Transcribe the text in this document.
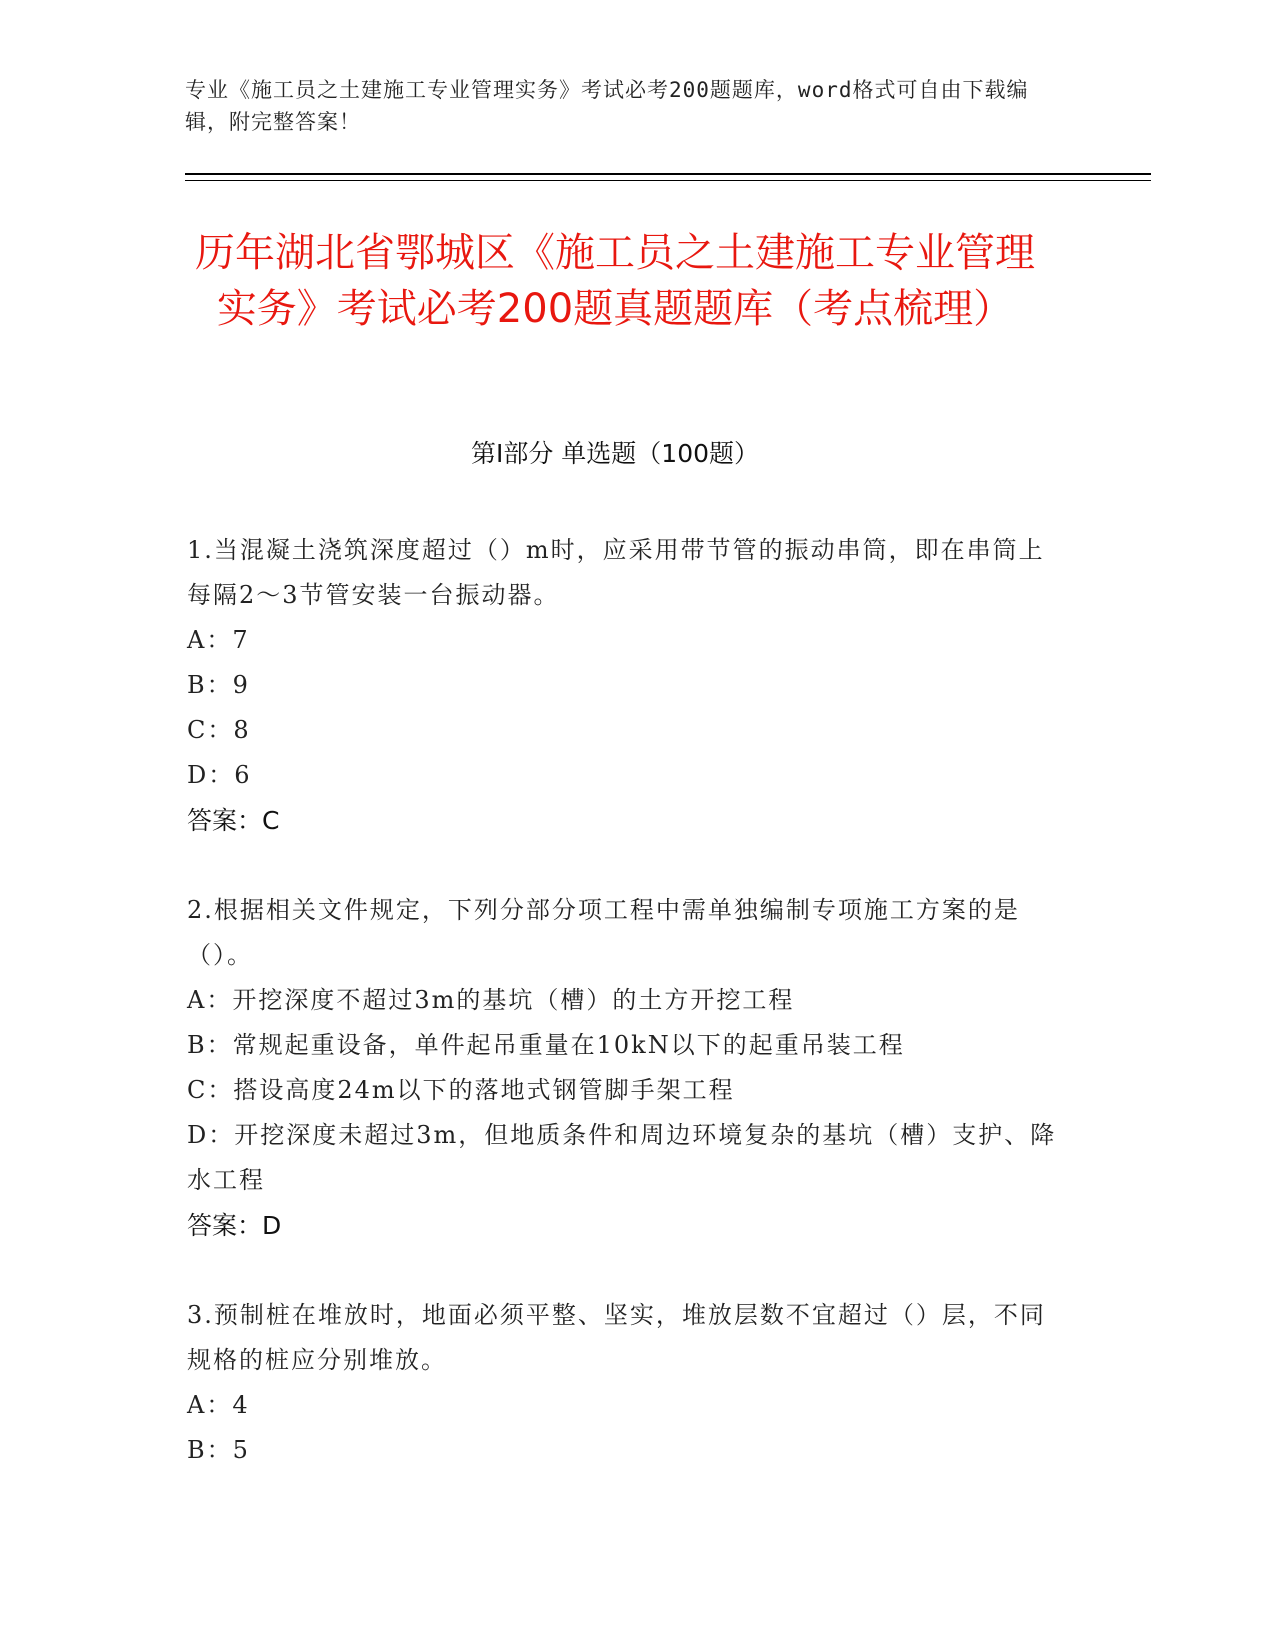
专业《施工员之土建施工专业管理实务》考试必考200题题库，word格式可自由下载编辑，附完整答案！
历年湖北省鄂城区《施工员之土建施工专业管理实务》考试必考200题真题题库（考点梳理）
第Ⅰ部分 单选题（100题）

1.当混凝土浇筑深度超过（）m时，应采用带节管的振动串筒，即在串筒上每隔2～3节管安装一台振动器。

A：7

B：9

C：8

D：6

答案：C

2.根据相关文件规定，下列分部分项工程中需单独编制专项施工方案的是（）。

A：开挖深度不超过3m的基坑（槽）的土方开挖工程

B：常规起重设备，单件起吊重量在10kN以下的起重吊装工程

C：搭设高度24m以下的落地式钢管脚手架工程

D：开挖深度未超过3m，但地质条件和周边环境复杂的基坑（槽）支护、降水工程

答案：D

3.预制桩在堆放时，地面必须平整、坚实，堆放层数不宜超过（）层，不同规格的桩应分别堆放。

A：4

B：5
